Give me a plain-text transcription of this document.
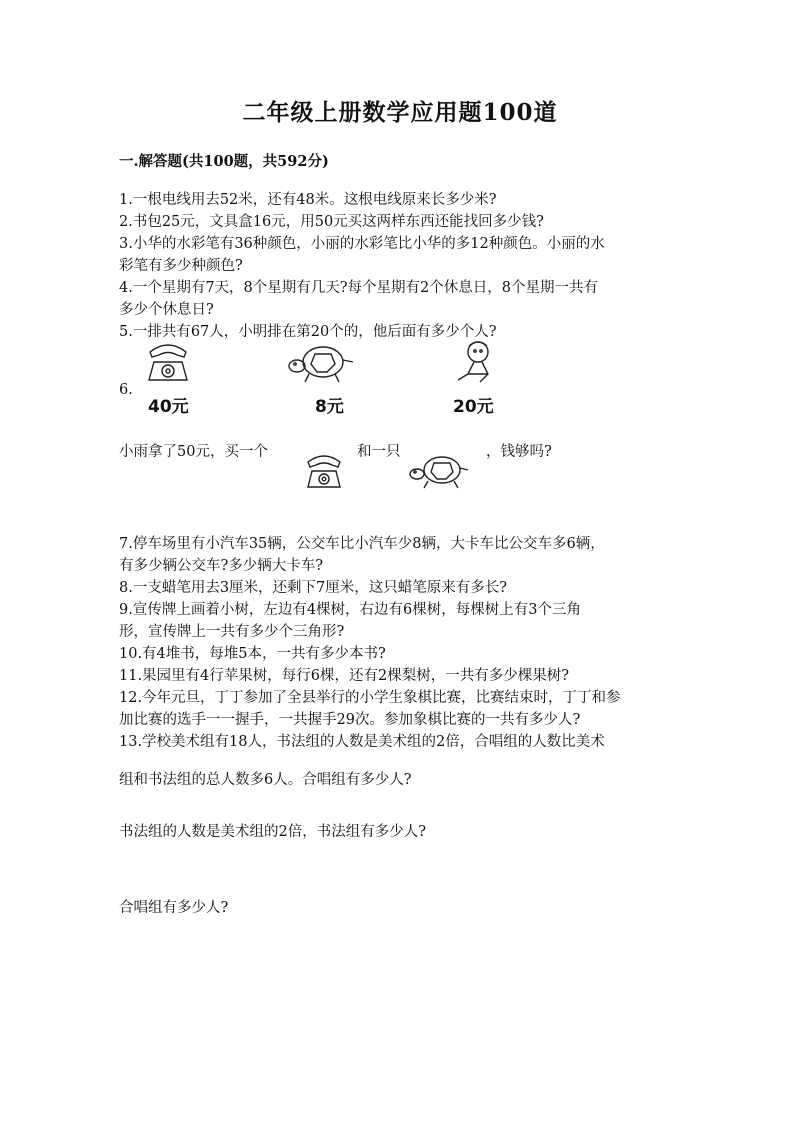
二年级上册数学应用题100道
一.解答题(共100题，共592分)
1.一根电线用去52米，还有48米。这根电线原来长多少米?
2.书包25元，文具盒16元，用50元买这两样东西还能找回多少钱?
3.小华的水彩笔有36种颜色，小丽的水彩笔比小华的多12种颜色。小丽的水
彩笔有多少种颜色?
4.一个星期有7天，8个星期有几天?每个星期有2个休息日，8个星期一共有
多少个休息日?
5.一排共有67人，小明排在第20个的，他后面有多少个人?
6.
40元	8元	20元
小雨拿了50元，买一个	和一只	，钱够吗?
7.停车场里有小汽车35辆，公交车比小汽车少8辆，大卡车比公交车多6辆，
有多少辆公交车?多少辆大卡车?
8.一支蜡笔用去3厘米，还剩下7厘米，这只蜡笔原来有多长?
9.宣传牌上画着小树，左边有4棵树，右边有6棵树，每棵树上有3个三角
形，宣传牌上一共有多少个三角形?
10.有4堆书，每堆5本，一共有多少本书?
11.果园里有4行苹果树，每行6棵，还有2棵梨树，一共有多少棵果树?
12.今年元旦，丁丁参加了全县举行的小学生象棋比赛，比赛结束时，丁丁和参
加比赛的选手一一握手，一共握手29次。参加象棋比赛的一共有多少人?
13.学校美术组有18人，书法组的人数是美术组的2倍，合唱组的人数比美术
组和书法组的总人数多6人。合唱组有多少人?
书法组的人数是美术组的2倍，书法组有多少人?
合唱组有多少人?
